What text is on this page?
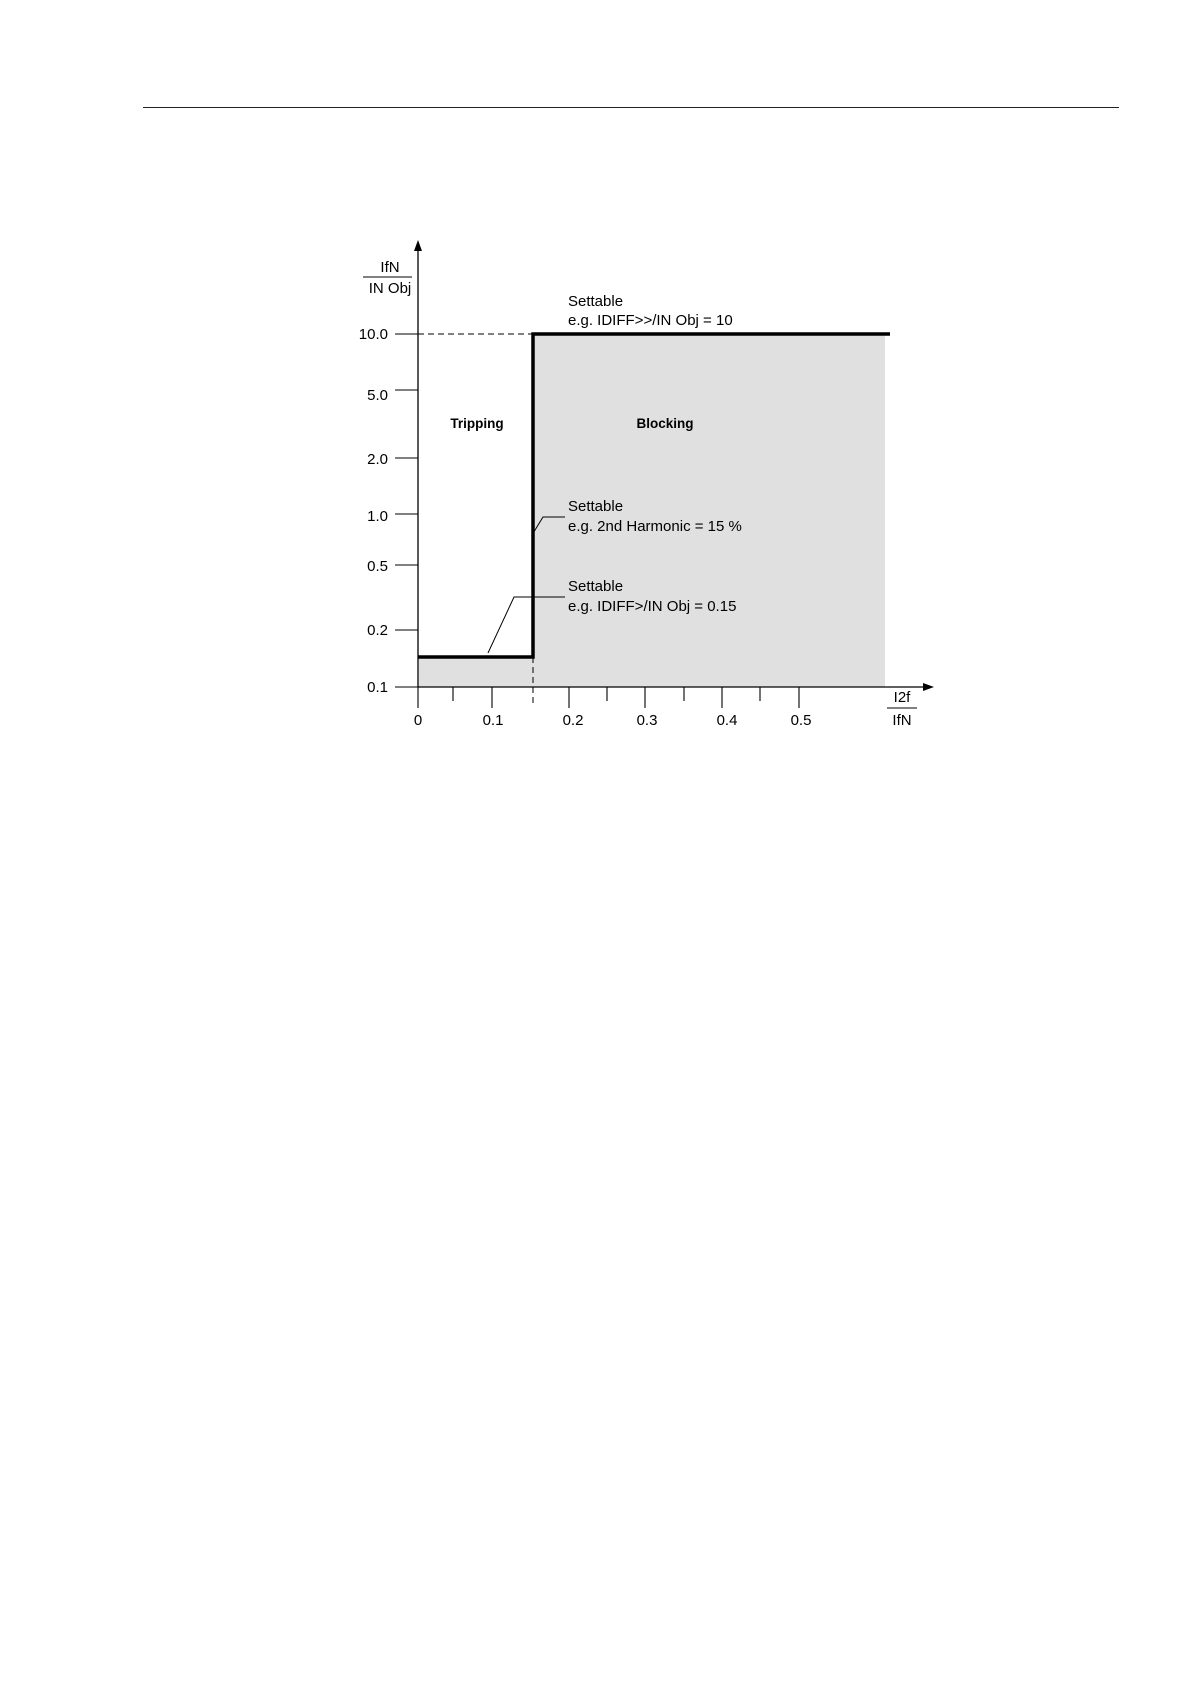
10.0
5.0
2.0
1.0
0.5
0.2
0.1
IfN
IN Obj
0	0.1	0.2	0.3	0.4	0.5
I2f
IfN
Tripping	Blocking
Settable
e.g. IDIFF>>/IN Obj = 10
Settable
e.g. 2nd Harmonic = 15 %
Settable
e.g. IDIFF>/IN Obj = 0.15
